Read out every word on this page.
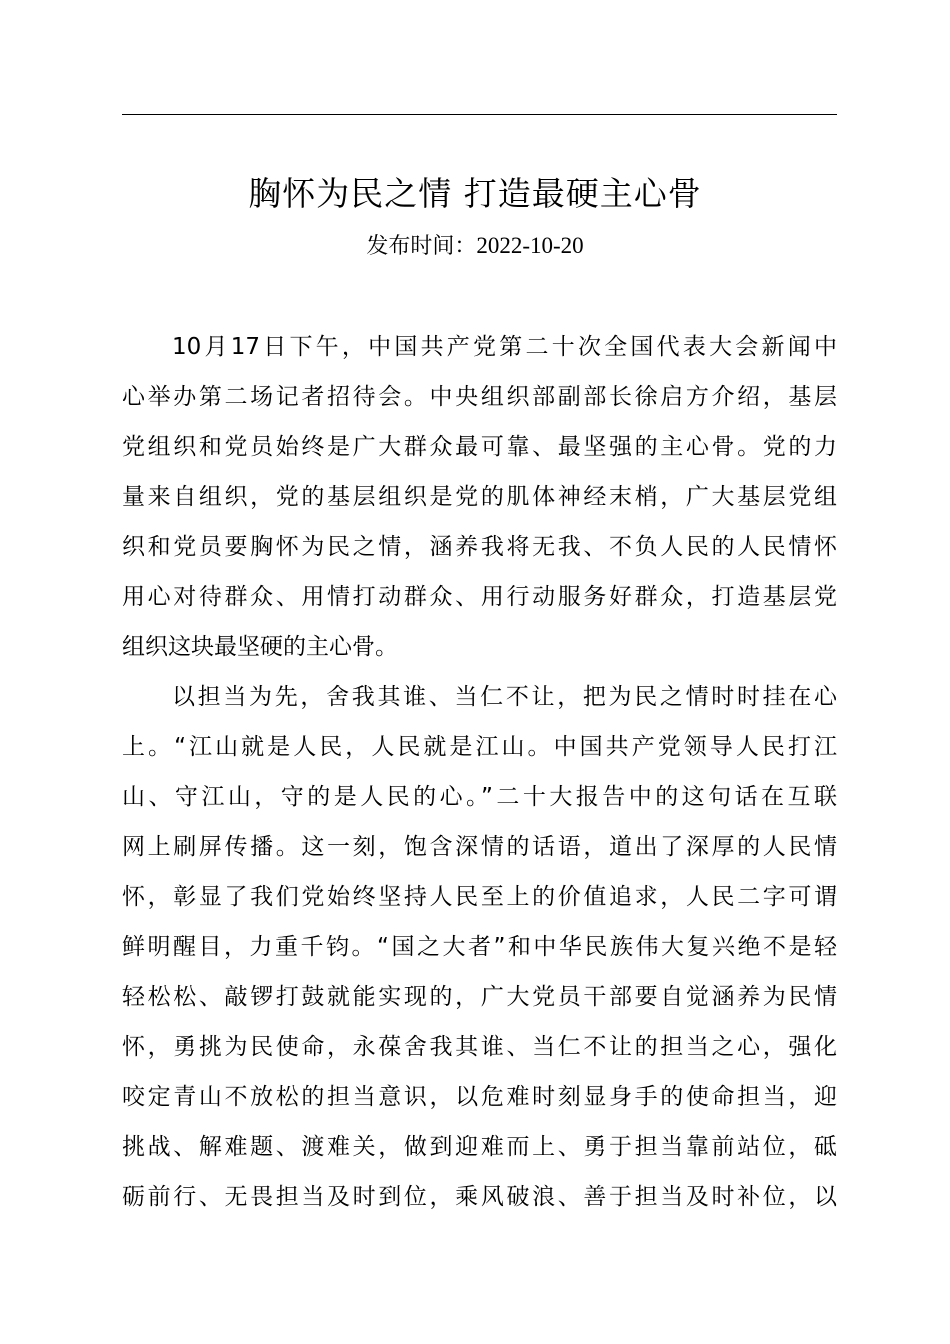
胸怀为民之情 打造最硬主心骨
发布时间：2022-10-20
10月17日下午，中国共产党第二十次全国代表大会新闻中
心举办第二场记者招待会。中央组织部副部长徐启方介绍，基层
党组织和党员始终是广大群众最可靠、最坚强的主心骨。党的力
量来自组织，党的基层组织是党的肌体神经末梢，广大基层党组
织和党员要胸怀为民之情，涵养我将无我、不负人民的人民情怀
用心对待群众、用情打动群众、用行动服务好群众，打造基层党
组织这块最坚硬的主心骨。
以担当为先，舍我其谁、当仁不让，把为民之情时时挂在心
上。“江山就是人民，人民就是江山。中国共产党领导人民打江
山、守江山，守的是人民的心。”二十大报告中的这句话在互联
网上刷屏传播。这一刻，饱含深情的话语，道出了深厚的人民情
怀，彰显了我们党始终坚持人民至上的价值追求，人民二字可谓
鲜明醒目，力重千钧。“国之大者”和中华民族伟大复兴绝不是轻
轻松松、敲锣打鼓就能实现的，广大党员干部要自觉涵养为民情
怀，勇挑为民使命，永葆舍我其谁、当仁不让的担当之心，强化
咬定青山不放松的担当意识，以危难时刻显身手的使命担当，迎
挑战、解难题、渡难关，做到迎难而上、勇于担当靠前站位，砥
砺前行、无畏担当及时到位，乘风破浪、善于担当及时补位，以
